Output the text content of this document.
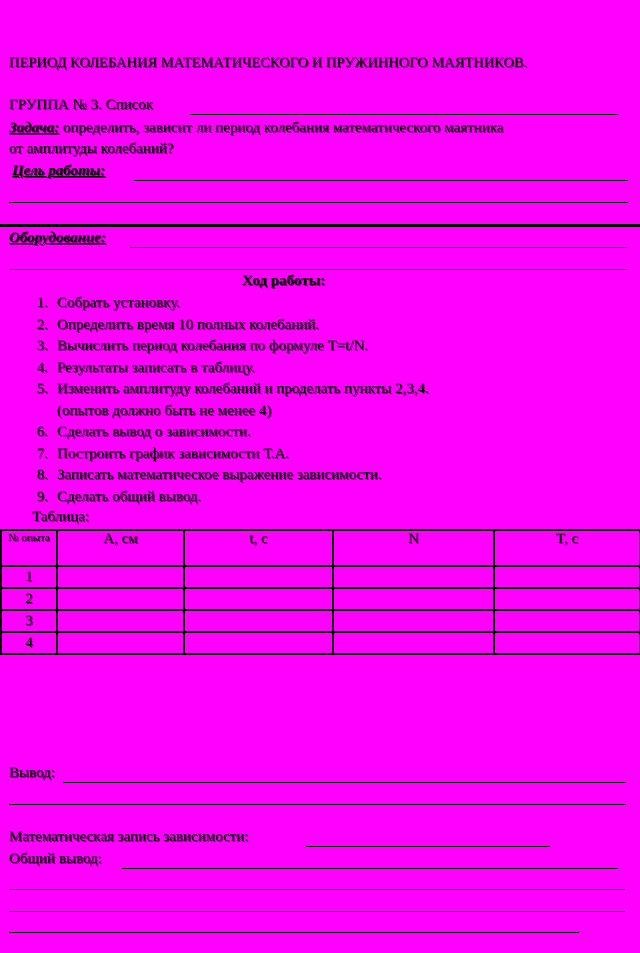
ПЕРИОД КОЛЕБАНИЯ МАТЕМАТИЧЕСКОГО И ПРУЖИННОГО МАЯТНИКОВ.
ГРУППА № 3. Список
Задача: определить, зависит ли период колебания математического маятника
от амплитуды колебаний?
Цель работы:
Оборудование:
Ход работы:
1. Собрать установку.
2. Определить время 10 полных колебаний.
3. Вычислить период колебания по формуле T=t/N.
4. Результаты записать в таблицу.
5. Изменить амплитуду колебаний и проделать пункты 2,3,4.
(опытов должно быть не менее 4)
6. Сделать вывод о зависимости.
7. Построить график зависимости Т.А.
8. Записать математическое выражение зависимости.
9. Сделать общий вывод.
Таблица:
№ опыта	А, см	t, с	N	T, с
1				
2				
3				
4				
Вывод:
Математическая запись зависимости:
Общий вывод:
